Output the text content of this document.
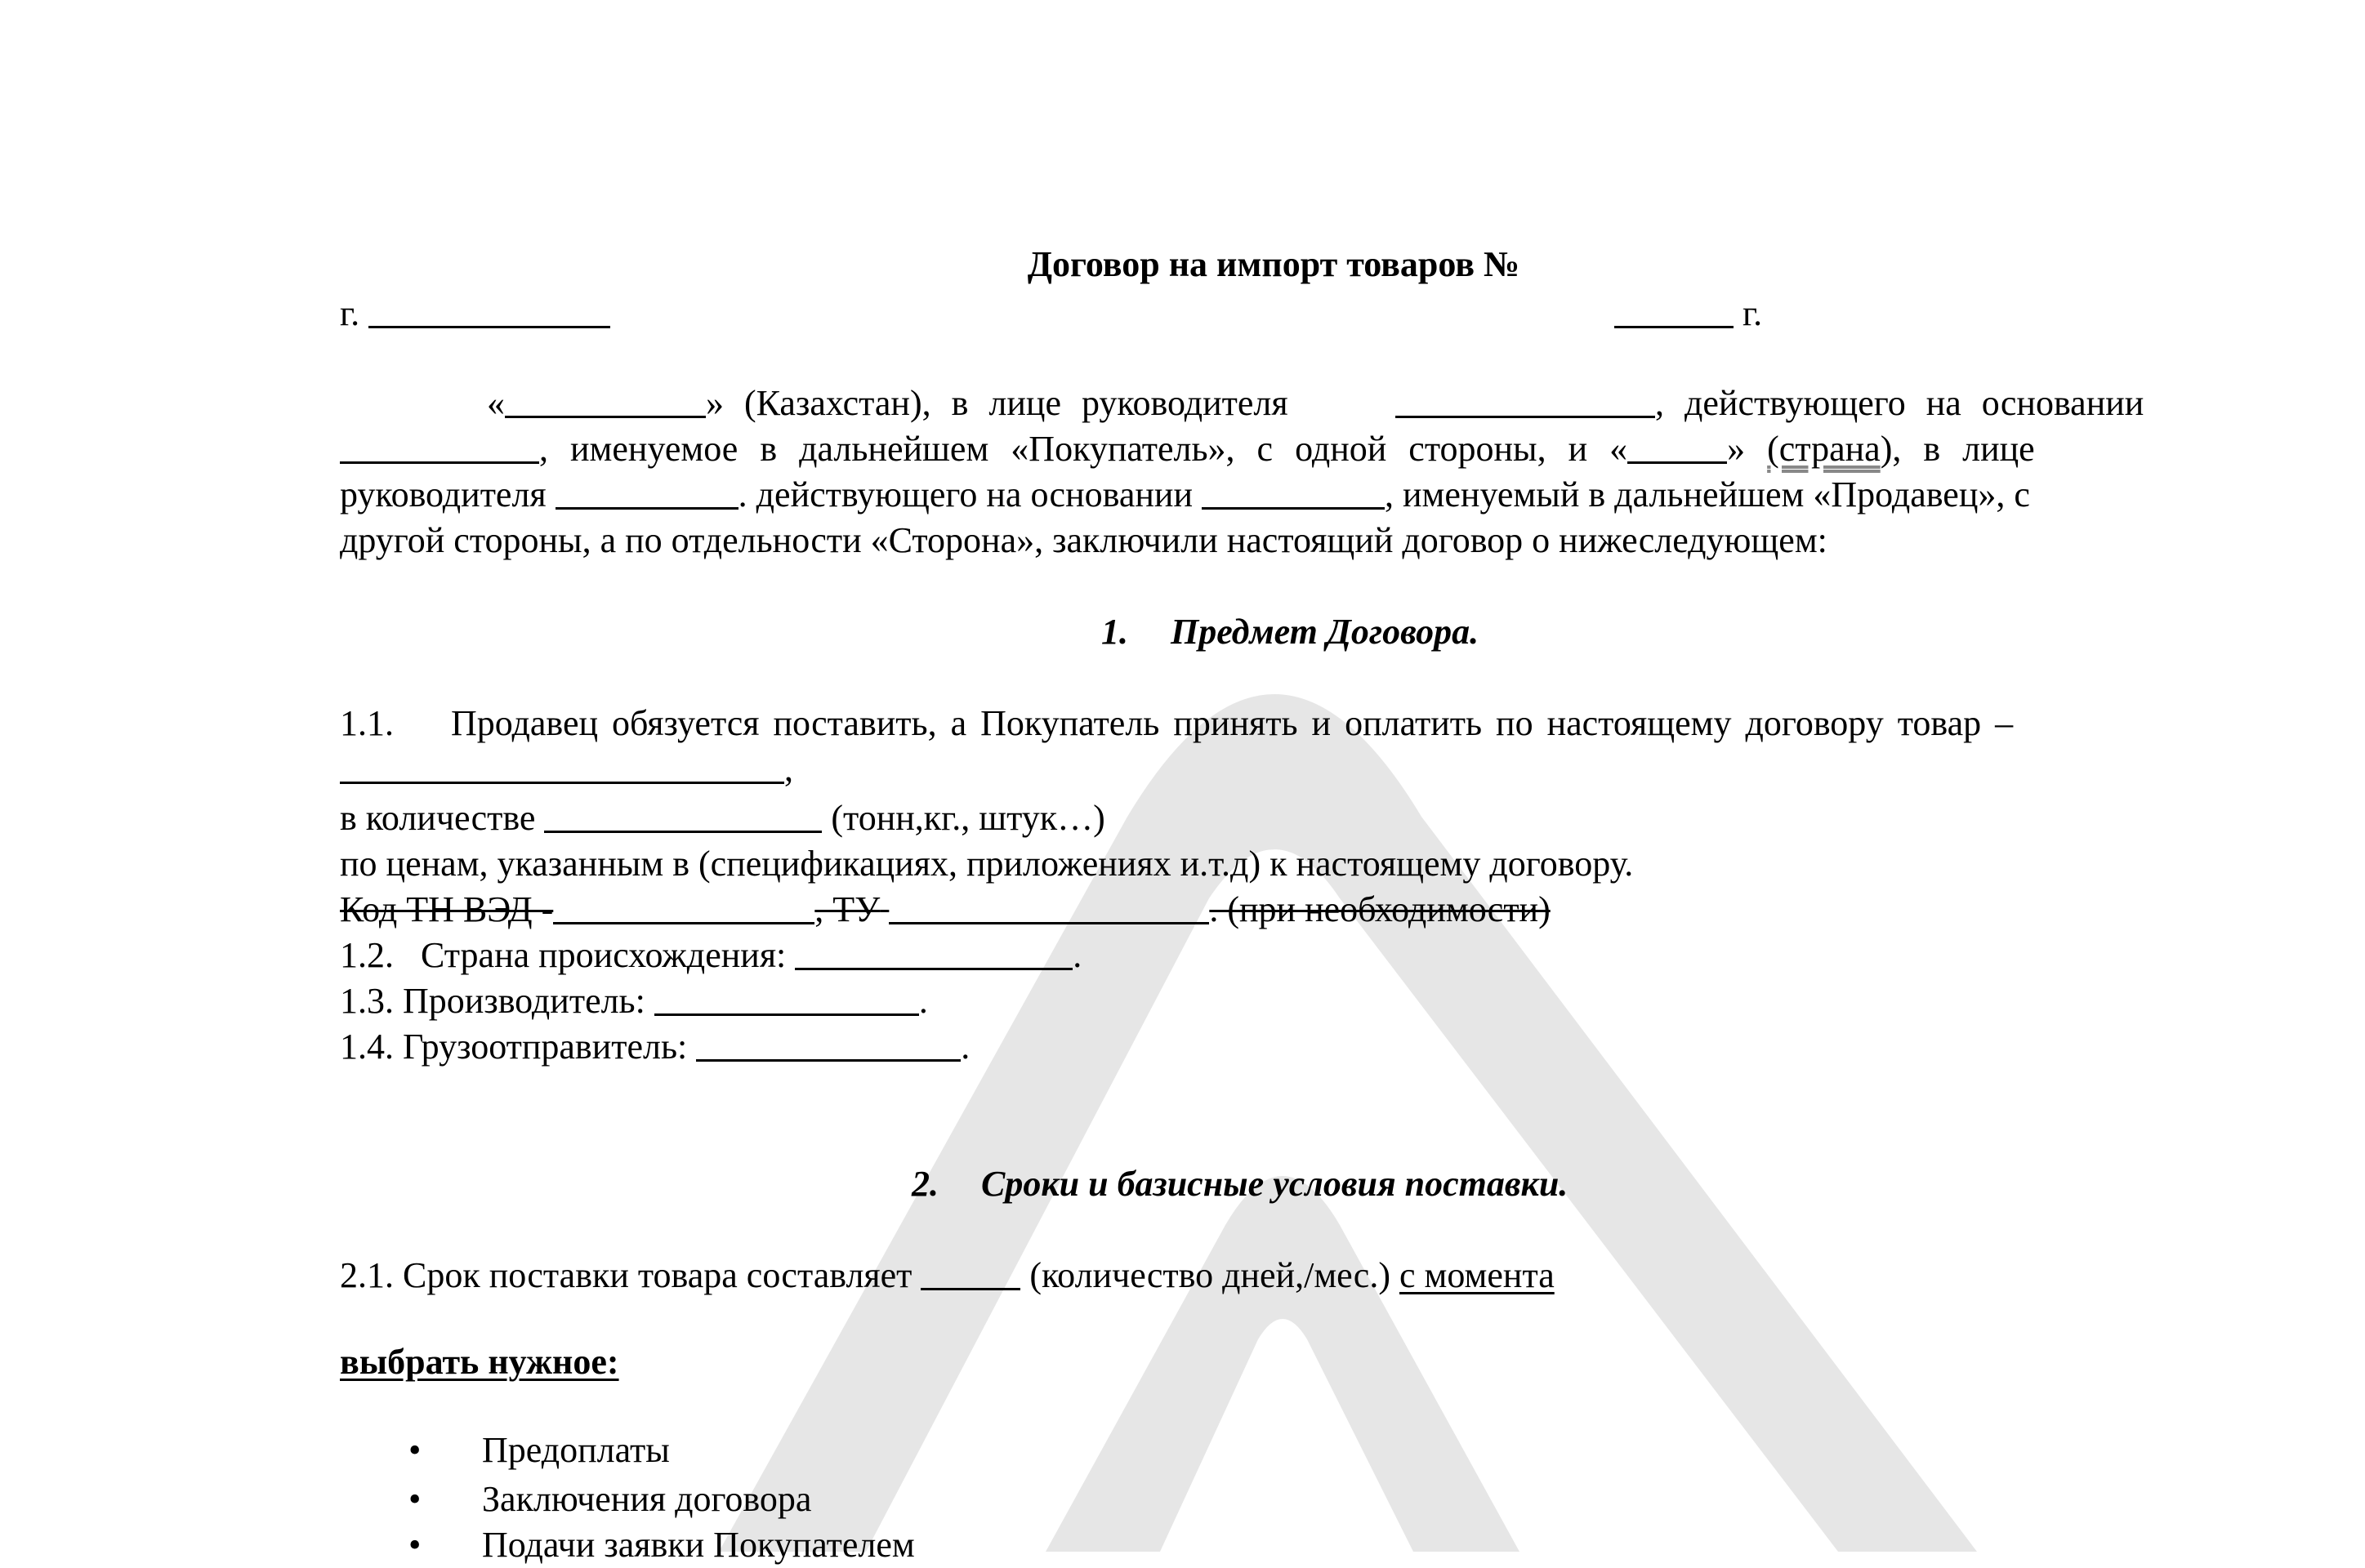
Договор на импорт товаров №
г.	г.
«	» (Казахстан), в лице руководителя	, действующего на основании
, именуемое в дальнейшем «Покупатель», с одной стороны, и «	» (страна), в лице
руководителя	. действующего на основании	, именуемый в дальнейшем «Продавец», с
другой стороны, а по отдельности «Сторона», заключили настоящий договор о нижеследующем:
1. Предмет Договора.
1.1. Продавец обязуется поставить, а Покупатель принять и оплатить по настоящему договору товар –
,
в количестве	(тонн,кг., штук…)
по ценам, указанным в (спецификациях, приложениях и.т.д) к настоящему договору.
Код ТН ВЭД -	, ТУ	. (при необходимости)
1.2.   Страна происхождения:	.
1.3. Производитель:	.
1.4. Грузоотправитель:	.
2. Сроки и базисные условия поставки.
2.1. Срок поставки товара составляет	(количество дней,/мес.) с момента
выбрать нужное:
• Предоплаты
• Заключения договора
• Подачи заявки Покупателем
